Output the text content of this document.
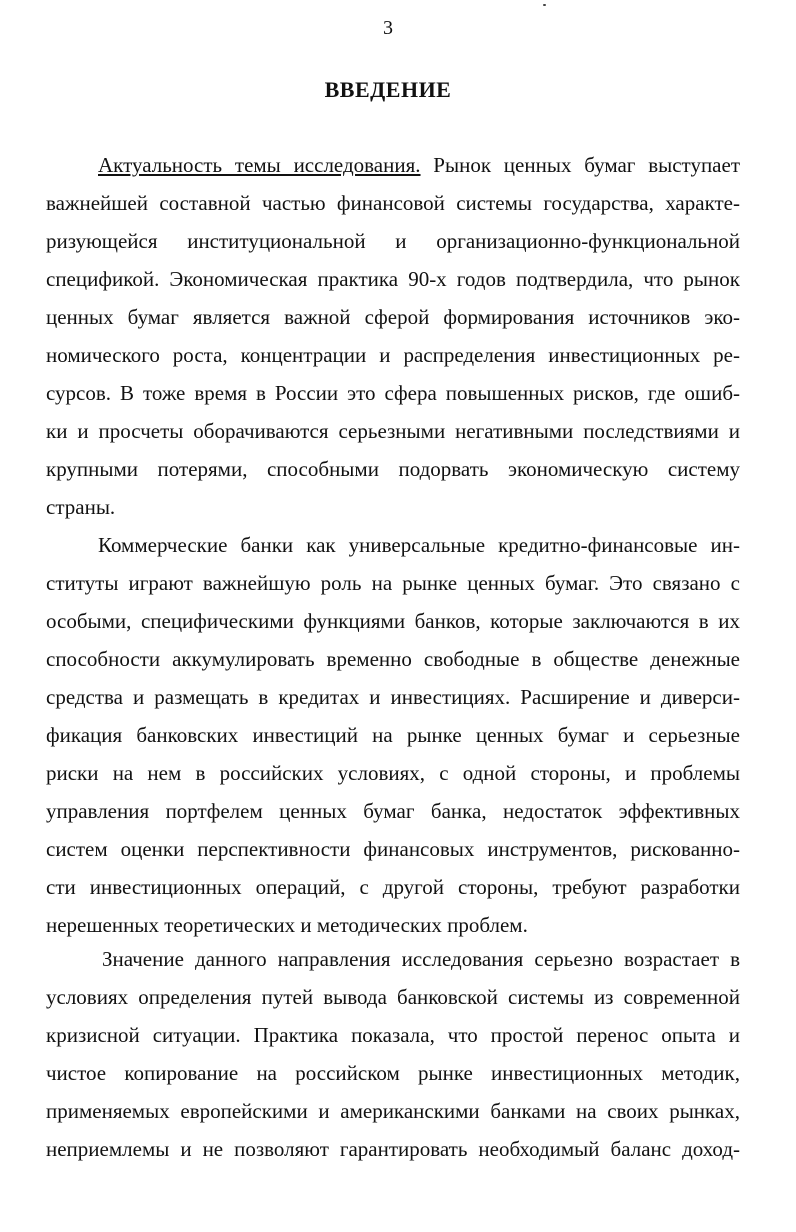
3
ВВЕДЕНИЕ
Актуальность темы исследования. Рынок ценных бумаг выступает
важнейшей составной частью финансовой системы государства, характе-
ризующейся институциональной и организационно-функциональной
спецификой. Экономическая практика 90-х годов подтвердила, что рынок
ценных бумаг является важной сферой формирования источников эко-
номического роста, концентрации и распределения инвестиционных ре-
сурсов. В тоже время в России это сфера повышенных рисков, где ошиб-
ки и просчеты оборачиваются серьезными негативными последствиями и
крупными потерями, способными подорвать экономическую систему
страны.
Коммерческие банки как универсальные кредитно-финансовые ин-
ституты играют важнейшую роль на рынке ценных бумаг. Это связано с
особыми, специфическими функциями банков, которые заключаются в их
способности аккумулировать временно свободные в обществе денежные
средства и размещать в кредитах и инвестициях. Расширение и диверси-
фикация банковских инвестиций на рынке ценных бумаг и серьезные
риски на нем в российских условиях, с одной стороны, и проблемы
управления портфелем ценных бумаг банка, недостаток эффективных
систем оценки перспективности финансовых инструментов, рискованно-
сти инвестиционных операций, с другой стороны, требуют разработки
нерешенных теоретических и методических проблем.
Значение данного направления исследования серьезно возрастает в
условиях определения путей вывода банковской системы из современной
кризисной ситуации. Практика показала, что простой перенос опыта и
чистое копирование на российском рынке инвестиционных методик,
применяемых европейскими и американскими банками на своих рынках,
неприемлемы и не позволяют гарантировать необходимый баланс доход-
